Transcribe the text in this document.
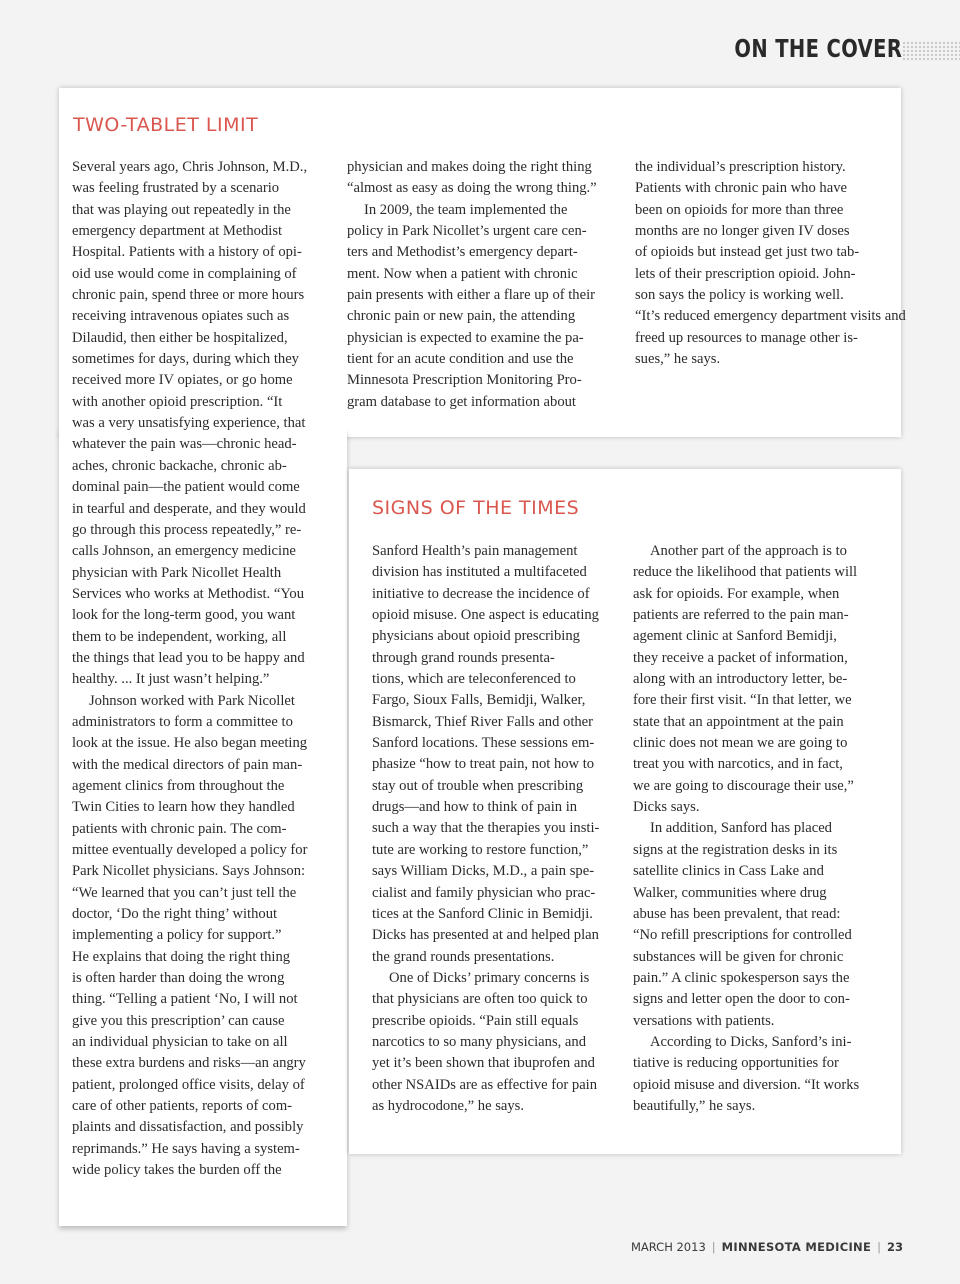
ON THE COVER
TWO-TABLET LIMIT
Several years ago, Chris Johnson, M.D.,
was feeling frustrated by a scenario
that was playing out repeatedly in the
emergency department at Methodist
Hospital. Patients with a history of opi-
oid use would come in complaining of
chronic pain, spend three or more hours
receiving intravenous opiates such as
Dilaudid, then either be hospitalized,
sometimes for days, during which they
received more IV opiates, or go home
with another opioid prescription. “It
was a very unsatisfying experience, that
whatever the pain was—chronic head-
aches, chronic backache, chronic ab-
dominal pain—the patient would come
in tearful and desperate, and they would
go through this process repeatedly,” re-
calls Johnson, an emergency medicine
physician with Park Nicollet Health
Services who works at Methodist. “You
look for the long-term good, you want
them to be independent, working, all
the things that lead you to be happy and
healthy. ... It just wasn’t helping.”
Johnson worked with Park Nicollet
administrators to form a committee to
look at the issue. He also began meeting
with the medical directors of pain man-
agement clinics from throughout the
Twin Cities to learn how they handled
patients with chronic pain. The com-
mittee eventually developed a policy for
Park Nicollet physicians. Says Johnson:
“We learned that you can’t just tell the
doctor, ‘Do the right thing’ without
implementing a policy for support.”
He explains that doing the right thing
is often harder than doing the wrong
thing. “Telling a patient ‘No, I will not
give you this prescription’ can cause
an individual physician to take on all
these extra burdens and risks—an angry
patient, prolonged office visits, delay of
care of other patients, reports of com-
plaints and dissatisfaction, and possibly
reprimands.” He says having a system-
wide policy takes the burden off the
physician and makes doing the right thing
“almost as easy as doing the wrong thing.”
In 2009, the team implemented the
policy in Park Nicollet’s urgent care cen-
ters and Methodist’s emergency depart-
ment. Now when a patient with chronic
pain presents with either a flare up of their
chronic pain or new pain, the attending
physician is expected to examine the pa-
tient for an acute condition and use the
Minnesota Prescription Monitoring Pro-
gram database to get information about
the individual’s prescription history.
Patients with chronic pain who have
been on opioids for more than three
months are no longer given IV doses
of opioids but instead get just two tab-
lets of their prescription opioid. John-
son says the policy is working well.
“It’s reduced emergency department visits and
freed up resources to manage other is-
sues,” he says.
SIGNS OF THE TIMES
Sanford Health’s pain management
division has instituted a multifaceted
initiative to decrease the incidence of
opioid misuse. One aspect is educating
physicians about opioid prescribing
through grand rounds presenta-
tions, which are teleconferenced to
Fargo, Sioux Falls, Bemidji, Walker,
Bismarck, Thief River Falls and other
Sanford locations. These sessions em-
phasize “how to treat pain, not how to
stay out of trouble when prescribing
drugs—and how to think of pain in
such a way that the therapies you insti-
tute are working to restore function,”
says William Dicks, M.D., a pain spe-
cialist and family physician who prac-
tices at the Sanford Clinic in Bemidji.
Dicks has presented at and helped plan
the grand rounds presentations.
One of Dicks’ primary concerns is
that physicians are often too quick to
prescribe opioids. “Pain still equals
narcotics to so many physicians, and
yet it’s been shown that ibuprofen and
other NSAIDs are as effective for pain
as hydrocodone,” he says.
Another part of the approach is to
reduce the likelihood that patients will
ask for opioids. For example, when
patients are referred to the pain man-
agement clinic at Sanford Bemidji,
they receive a packet of information,
along with an introductory letter, be-
fore their first visit. “In that letter, we
state that an appointment at the pain
clinic does not mean we are going to
treat you with narcotics, and in fact,
we are going to discourage their use,”
Dicks says.
In addition, Sanford has placed
signs at the registration desks in its
satellite clinics in Cass Lake and
Walker, communities where drug
abuse has been prevalent, that read:
“No refill prescriptions for controlled
substances will be given for chronic
pain.” A clinic spokesperson says the
signs and letter open the door to con-
versations with patients.
According to Dicks, Sanford’s ini-
tiative is reducing opportunities for
opioid misuse and diversion. “It works
beautifully,” he says.
MARCH 2013 | MINNESOTA MEDICINE | 23
